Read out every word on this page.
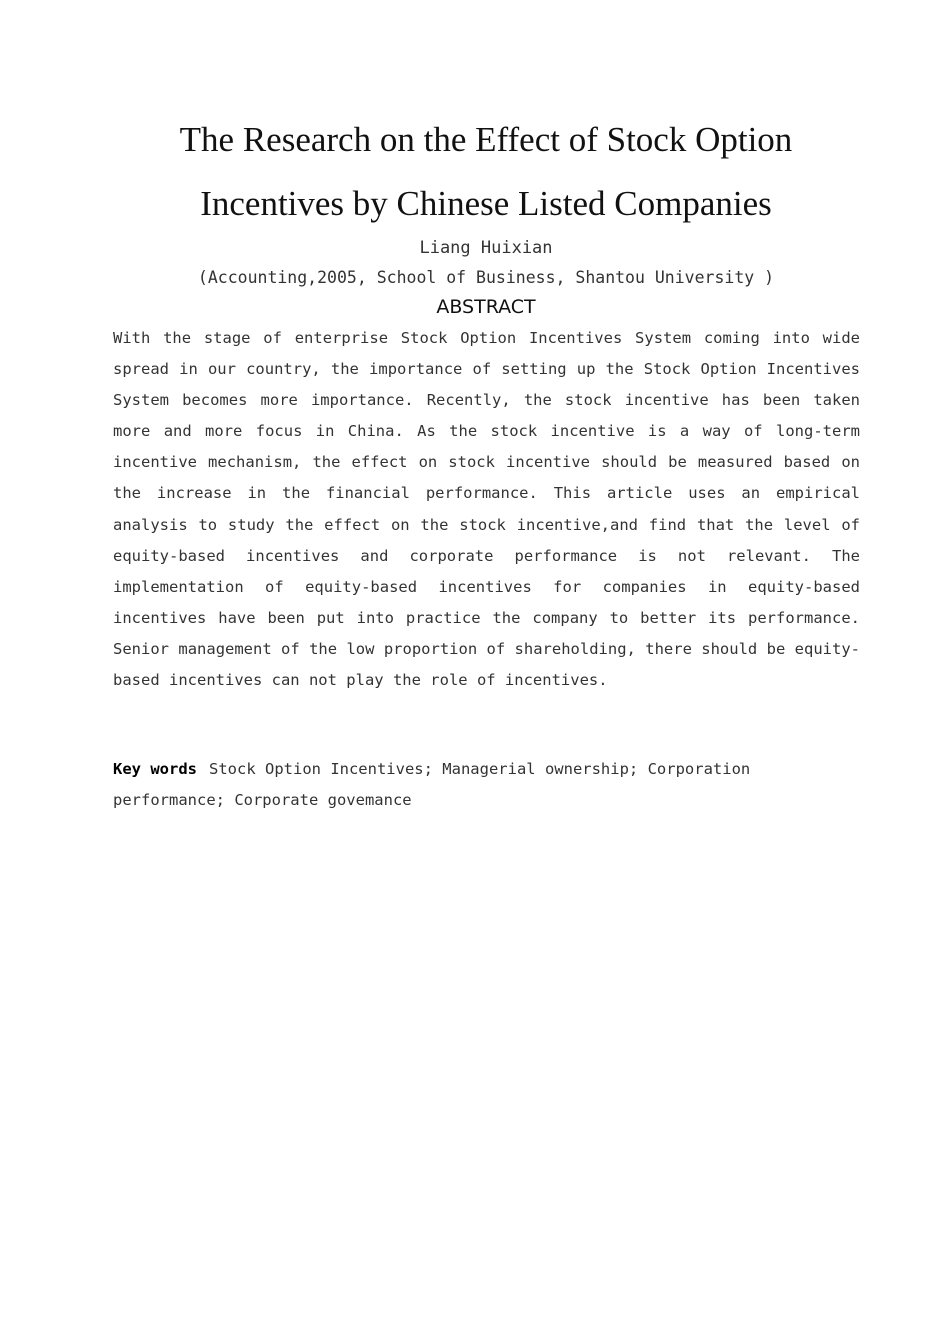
The Research on the Effect of Stock Option
Incentives by Chinese Listed Companies

Liang Huixian

(Accounting,2005, School of Business, Shantou University )

ABSTRACT

With the stage of enterprise Stock Option Incentives System coming into wide spread in our country, the importance of setting up the Stock Option Incentives System becomes more importance. Recently, the stock incentive has been taken more and more focus in China. As the stock incentive is a way of long-term incentive mechanism, the effect on stock incentive should be measured based on the increase in the financial performance. This article uses an empirical analysis to study the effect on the stock incentive,and find that the level of equity-based incentives and corporate performance is not relevant. The implementation of equity-based incentives for companies in equity-based incentives have been put into practice the company to better its performance. Senior management of the low proportion of shareholding, there should be equity-based incentives can not play the role of incentives.

Key words Stock Option Incentives; Managerial ownership; Corporation performance; Corporate govemance
